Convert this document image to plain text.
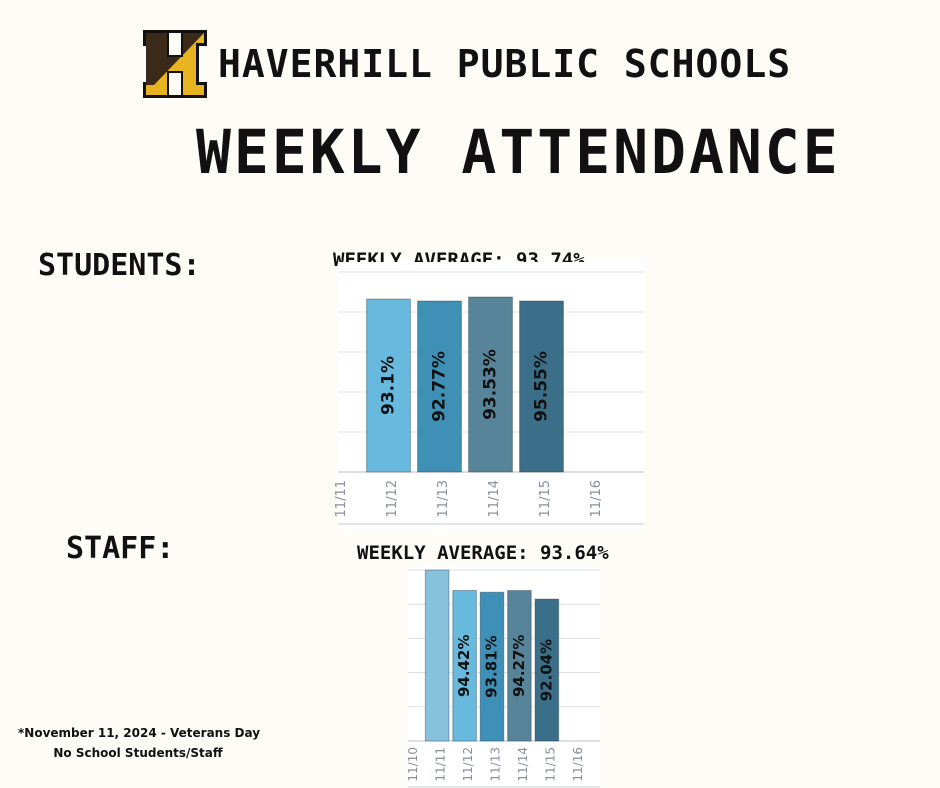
HAVERHILL PUBLIC SCHOOLS
WEEKLY ATTENDANCE
STUDENTS:	WEEKLY AVERAGE: 93.74%
11/11
93.1%
11/12
92.77%
11/13
93.53%
11/14
95.55%
11/15	11/16
STAFF:	WEEKLY AVERAGE: 93.64%
11/10 11/11
94.42%
11/12
93.81%
11/13
94.27%
11/14
92.04%
11/15 11/16
*November 11, 2024 - Veterans Day
No School Students/Staff
